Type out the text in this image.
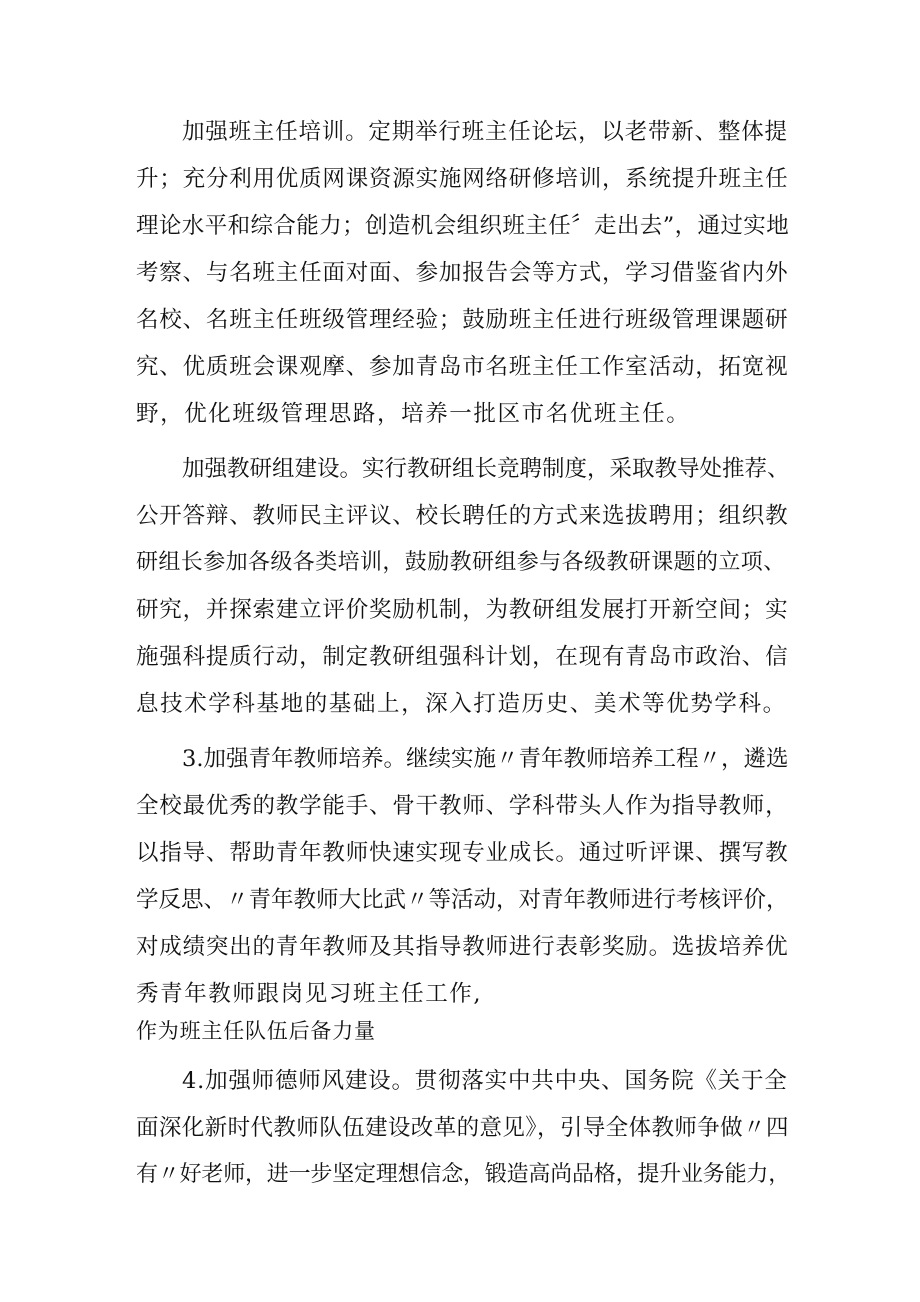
加强班主任培训。定期举行班主任论坛，以老带新、整体提
升；充分利用优质网课资源实施网络研修培训，系统提升班主任
理论水平和综合能力；创造机会组织班主任〞走出去”，通过实地
考察、与名班主任面对面、参加报告会等方式，学习借鉴省内外
名校、名班主任班级管理经验；鼓励班主任进行班级管理课题研
究、优质班会课观摩、参加青岛市名班主任工作室活动，拓宽视
野，优化班级管理思路，培养一批区市名优班主任。
加强教研组建设。实行教研组长竞聘制度，采取教导处推荐、
公开答辩、教师民主评议、校长聘任的方式来选拔聘用；组织教
研组长参加各级各类培训，鼓励教研组参与各级教研课题的立项、
研究，并探索建立评价奖励机制，为教研组发展打开新空间；实
施强科提质行动，制定教研组强科计划，在现有青岛市政治、信
息技术学科基地的基础上，深入打造历史、美术等优势学科。
3.加强青年教师培养。继续实施〃青年教师培养工程〃，遴选
全校最优秀的教学能手、骨干教师、学科带头人作为指导教师，
以指导、帮助青年教师快速实现专业成长。通过听评课、撰写教
学反思、〃青年教师大比武〃等活动，对青年教师进行考核评价，
对成绩突出的青年教师及其指导教师进行表彰奖励。选拔培养优
秀青年教师跟岗见习班主任工作,
作为班主任队伍后备力量
4.加强师德师风建设。贯彻落实中共中央、国务院《关于全
面深化新时代教师队伍建设改革的意见》，引导全体教师争做〃四
有〃好老师，进一步坚定理想信念，锻造高尚品格，提升业务能力，
